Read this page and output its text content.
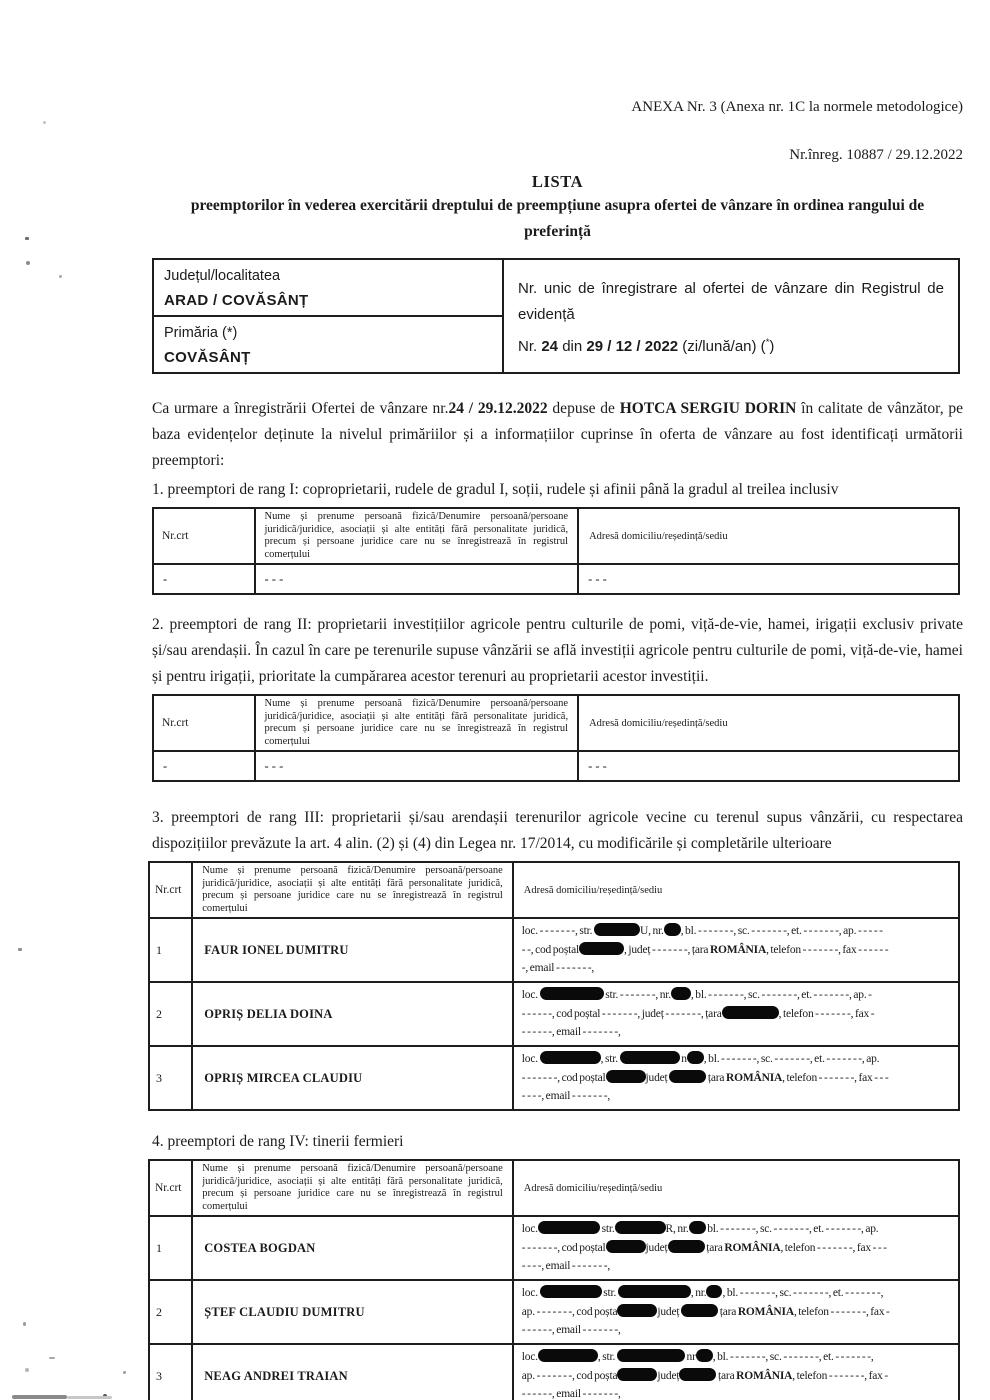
ANEXA Nr. 3 (Anexa nr. 1C la normele metodologice)
Nr.înreg. 10887 / 29.12.2022
LISTA
preemptorilor în vederea exercitării dreptului de preempțiune asupra ofertei de vânzare în ordinea rangului de
preferință
Județul/localitatea
ARAD / COVĂSÂNȚ

Nr. unic de înregistrare al ofertei de vânzare din Registrul de
evidență
Nr. 24 din 29 / 12 / 2022 (zi/lună/an) (*)

Primăria (*)
COVĂSÂNȚ

Ca urmare a înregistrării Ofertei de vânzare nr.24 / 29.12.2022 depuse de HOTCA SERGIU DORIN în calitate de vânzător, pe baza evidențelor deținute la nivelul primăriilor și a informațiilor cuprinse în oferta de vânzare au fost identificați următorii preemptori:

1. preemptori de rang I: coproprietarii, rudele de gradul I, soții, rudele și afinii până la gradul al treilea inclusiv
Nr.crt	Nume și prenume persoană fizică/Denumire persoană/persoane juridică/juridice, asociații și alte entități fără personalitate juridică, precum și persoane juridice care nu se înregistrează în registrul comerțului	Adresă domiciliu/reședință/sediu
-	- - -	- - -
2. preemptori de rang II: proprietarii investițiilor agricole pentru culturile de pomi, viță-de-vie, hamei, irigații exclusiv private și/sau arendașii. În cazul în care pe terenurile supuse vânzării se află investiții agricole pentru culturile de pomi, viță-de-vie, hamei și pentru irigații, prioritate la cumpărarea acestor terenuri au proprietarii acestor investiții.
Nr.crt	Nume și prenume persoană fizică/Denumire persoană/persoane juridică/juridice, asociații și alte entități fără personalitate juridică, precum și persoane juridice care nu se înregistrează în registrul comerțului	Adresă domiciliu/reședință/sediu
-	- - -	- - -
3. preemptori de rang III: proprietarii și/sau arendașii terenurilor agricole vecine cu terenul supus vânzării, cu respectarea dispozițiilor prevăzute la art. 4 alin. (2) și (4) din Legea nr. 17/2014, cu modificările și completările ulterioare
Nr.crt	Nume și prenume persoană fizică/Denumire persoană/persoane juridică/juridice, asociații și alte entități fără personalitate juridică, precum și persoane juridice care nu se înregistrează în registrul comerțului	Adresă domiciliu/reședință/sediu
1	FAUR IONEL DUMITRU	loc. - - - - - - -, str. U, nr. , bl. - - - - - - -, sc. - - - - - - -, et. - - - - - - -, ap. - - - - -
- -, cod poștal , județ - - - - - - -, țara ROMÂNIA, telefon - - - - - - -, fax - - - - - -
-, email - - - - - - -,

2	OPRIȘ DELIA DOINA	loc. str. - - - - - - -, nr. , bl. - - - - - - -, sc. - - - - - - -, et. - - - - - - -, ap. -
- - - - - -, cod poștal - - - - - - -, județ - - - - - - -, țara , telefon - - - - - - -, fax -
- - - - - -, email - - - - - - -,

3	OPRIȘ MIRCEA CLAUDIU	loc. , str. n , bl. - - - - - - -, sc. - - - - - - -, et. - - - - - - -, ap.
- - - - - - -, cod poștal județ țara ROMÂNIA, telefon - - - - - - -, fax - - -
- - - -, email - - - - - - -,
4. preemptori de rang IV: tinerii fermieri
Nr.crt	Nume și prenume persoană fizică/Denumire persoană/persoane juridică/juridice, asociații și alte entități fără personalitate juridică, precum și persoane juridice care nu se înregistrează în registrul comerțului	Adresă domiciliu/reședință/sediu
1	COSTEA BOGDAN	loc. str. R, nr. bl. - - - - - - -, sc. - - - - - - -, et. - - - - - - -, ap.
- - - - - - -, cod poștal județ țara ROMÂNIA, telefon - - - - - - -, fax - - -
- - - -, email - - - - - - -,

2	ȘTEF CLAUDIU DUMITRU	loc. str. , nr. , bl. - - - - - - -, sc. - - - - - - -, et. - - - - - - -,
ap. - - - - - - -, cod poșta județ țara ROMÂNIA, telefon - - - - - - -, fax -
- - - - - -, email - - - - - - -,

3	NEAG ANDREI TRAIAN	loc. , str. nr , bl. - - - - - - -, sc. - - - - - - -, et. - - - - - - -,
ap. - - - - - - -, cod poșta județ țara ROMÂNIA, telefon - - - - - - -, fax -
- - - - - -, email - - - - - - -,
